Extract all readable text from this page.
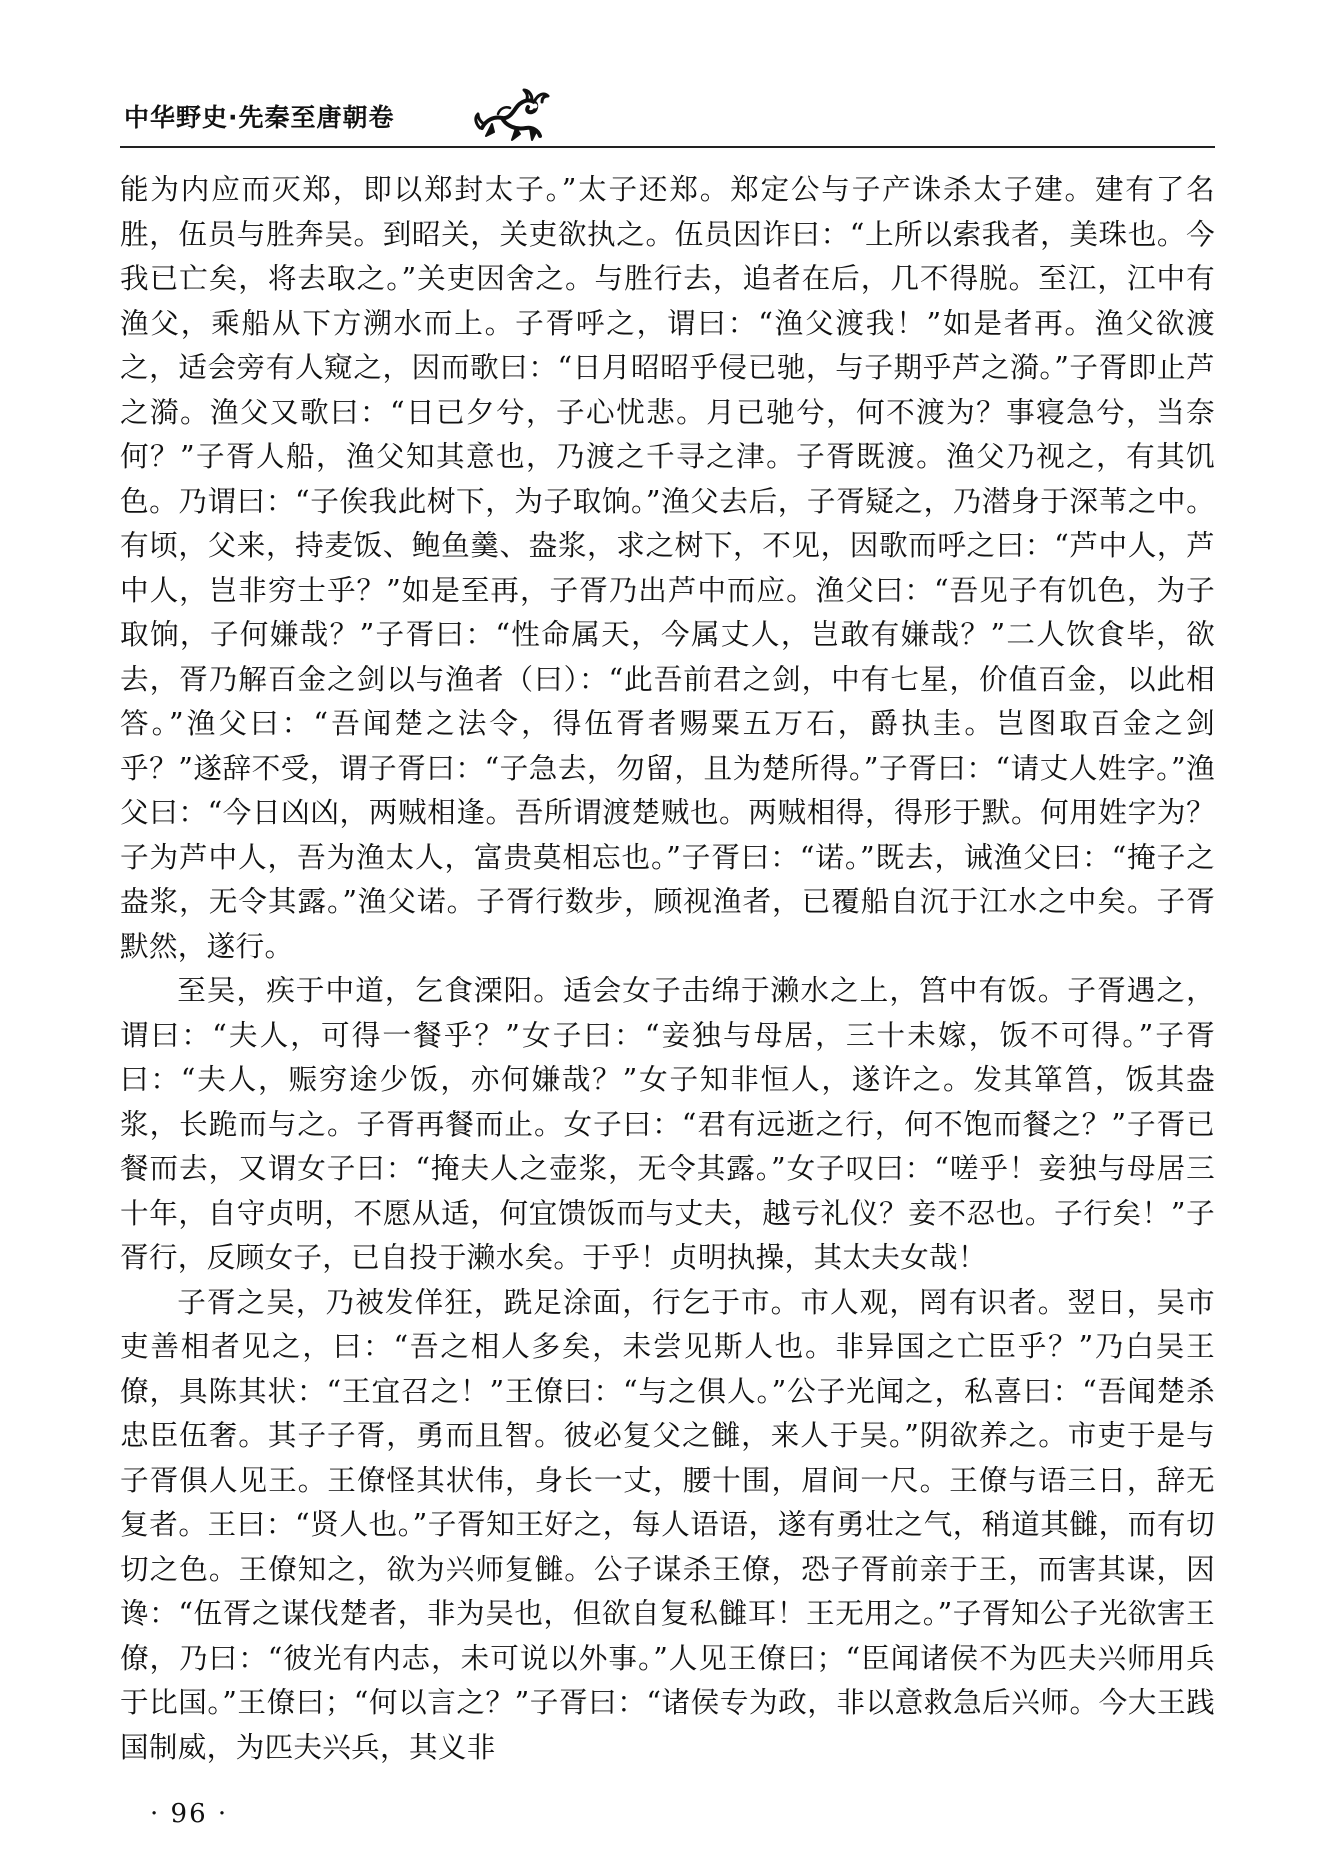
中华野史·先秦至唐朝卷

能为内应而灭郑，即以郑封太子。”太子还郑。郑定公与子产诛杀太子建。建有了名胜，伍员与胜奔吴。到昭关，关吏欲执之。伍员因诈曰：“上所以索我者，美珠也。今我已亡矣，将去取之。”关吏因舍之。与胜行去，追者在后，几不得脱。至江，江中有渔父，乘船从下方溯水而上。子胥呼之，谓曰：“渔父渡我！”如是者再。渔父欲渡之，适会旁有人窥之，因而歌曰：“日月昭昭乎侵已驰，与子期乎芦之漪。”子胥即止芦之漪。渔父又歌曰：“日已夕兮，子心忧悲。月已驰兮，何不渡为？事寝急兮，当奈何？”子胥人船，渔父知其意也，乃渡之千寻之津。子胥既渡。渔父乃视之，有其饥色。乃谓曰：“子俟我此树下，为子取饷。”渔父去后，子胥疑之，乃潜身于深苇之中。有顷，父来，持麦饭、鲍鱼羹、盎浆，求之树下，不见，因歌而呼之曰：“芦中人，芦中人，岂非穷士乎？”如是至再，子胥乃出芦中而应。渔父曰：“吾见子有饥色，为子取饷，子何嫌哉？”子胥曰：“性命属天，今属丈人，岂敢有嫌哉？”二人饮食毕，欲去，胥乃解百金之剑以与渔者（曰）：“此吾前君之剑，中有七星，价值百金，以此相答。”渔父曰：“吾闻楚之法令，得伍胥者赐粟五万石，爵执圭。岂图取百金之剑乎？”遂辞不受，谓子胥曰：“子急去，勿留，且为楚所得。”子胥曰：“请丈人姓字。”渔父曰：“今日凶凶，两贼相逢。吾所谓渡楚贼也。两贼相得，得形于默。何用姓字为？子为芦中人，吾为渔太人，富贵莫相忘也。”子胥曰：“诺。”既去，诫渔父曰：“掩子之盎浆，无令其露。”渔父诺。子胥行数步，顾视渔者，已覆船自沉于江水之中矣。子胥默然，遂行。

至吴，疾于中道，乞食溧阳。适会女子击绵于濑水之上，筥中有饭。子胥遇之，谓曰：“夫人，可得一餐乎？”女子曰：“妾独与母居，三十未嫁，饭不可得。”子胥曰：“夫人，赈穷途少饭，亦何嫌哉？”女子知非恒人，遂许之。发其箪筥，饭其盎浆，长跪而与之。子胥再餐而止。女子曰：“君有远逝之行，何不饱而餐之？”子胥已餐而去，又谓女子曰：“掩夫人之壶浆，无令其露。”女子叹曰：“嗟乎！妾独与母居三十年，自守贞明，不愿从适，何宜馈饭而与丈夫，越亏礼仪？妾不忍也。子行矣！”子胥行，反顾女子，已自投于濑水矣。于乎！贞明执操，其太夫女哉！

子胥之吴，乃被发佯狂，跣足涂面，行乞于市。市人观，罔有识者。翌日，吴市吏善相者见之，曰：“吾之相人多矣，未尝见斯人也。非异国之亡臣乎？”乃白吴王僚，具陈其状：“王宜召之！”王僚曰：“与之俱人。”公子光闻之，私喜曰：“吾闻楚杀忠臣伍奢。其子子胥，勇而且智。彼必复父之雠，来人于吴。”阴欲养之。市吏于是与子胥俱人见王。王僚怪其状伟，身长一丈，腰十围，眉间一尺。王僚与语三日，辞无复者。王曰：“贤人也。”子胥知王好之，每人语语，遂有勇壮之气，稍道其雠，而有切切之色。王僚知之，欲为兴师复雠。公子谋杀王僚，恐子胥前亲于王，而害其谋，因谗：“伍胥之谋伐楚者，非为吴也，但欲自复私雠耳！王无用之。”子胥知公子光欲害王僚，乃曰：“彼光有内志，未可说以外事。”人见王僚曰；“臣闻诸侯不为匹夫兴师用兵于比国。”王僚曰；“何以言之？”子胥曰：“诸侯专为政，非以意救急后兴师。今大王践国制威，为匹夫兴兵，其义非

· 96 ·
